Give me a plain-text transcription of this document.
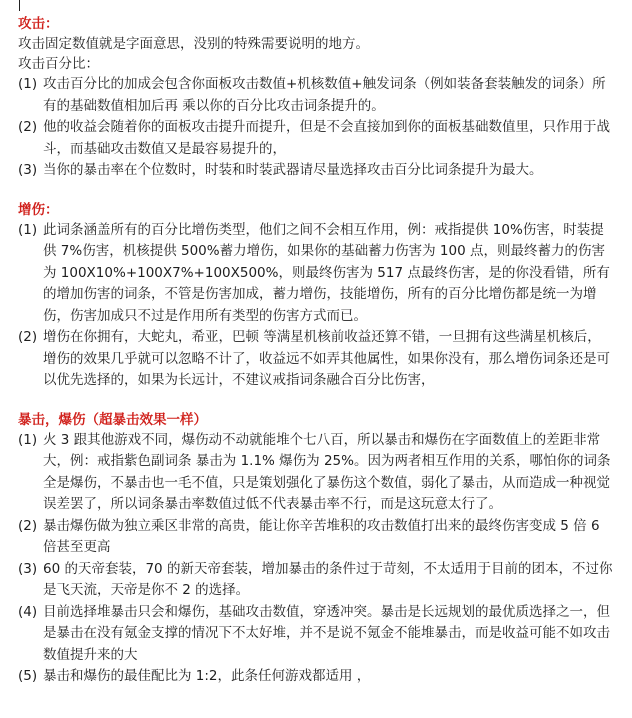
攻击：
攻击固定数值就是字面意思，没别的特殊需要说明的地方。
攻击百分比：
(1) 攻击百分比的加成会包含你面板攻击数值+机核数值+触发词条（例如装备套装触发的词条）所有的基础数值相加后再 乘以你的百分比攻击词条提升的。
(2) 他的收益会随着你的面板攻击提升而提升，但是不会直接加到你的面板基础数值里，只作用于战斗，而基础攻击数值又是最容易提升的，
(3) 当你的暴击率在个位数时，时装和时装武器请尽量选择攻击百分比词条提升为最大。
增伤：
(1) 此词条涵盖所有的百分比增伤类型，他们之间不会相互作用，例：戒指提供 10%伤害，时装提供 7%伤害，机核提供 500%蓄力增伤，如果你的基础蓄力伤害为 100 点，则最终蓄力的伤害为 100X10%+100X7%+100X500%，则最终伤害为 517 点最终伤害，是的你没看错，所有的增加伤害的词条，不管是伤害加成，蓄力增伤，技能增伤，所有的百分比增伤都是统一为增伤，伤害加成只不过是作用所有类型的伤害方式而已。
(2) 增伤在你拥有，大蛇丸，希亚，巴顿 等满星机核前收益还算不错，一旦拥有这些满星机核后，增伤的效果几乎就可以忽略不计了，收益远不如弄其他属性，如果你没有，那么增伤词条还是可以优先选择的，如果为长远计，不建议戒指词条融合百分比伤害，
暴击，爆伤（超暴击效果一样）
(1) 火 3 跟其他游戏不同，爆伤动不动就能堆个七八百，所以暴击和爆伤在字面数值上的差距非常大，例：戒指紫色副词条 暴击为 1.1% 爆伤为 25%。因为两者相互作用的关系，哪怕你的词条全是爆伤，不暴击也一毛不值，只是策划强化了暴伤这个数值，弱化了暴击，从而造成一种视觉误差罢了，所以词条暴击率数值过低不代表暴击率不行，而是这玩意太行了。
(2) 暴击爆伤做为独立乘区非常的高贵，能让你辛苦堆积的攻击数值打出来的最终伤害变成 5 倍 6 倍甚至更高
(3) 60 的天帝套装，70 的新天帝套装，增加暴击的条件过于苛刻，不太适用于目前的团本，不过你是飞天流，天帝是你不 2 的选择。
(4) 目前选择堆暴击只会和爆伤，基础攻击数值，穿透冲突。暴击是长远规划的最优质选择之一，但是暴击在没有氪金支撑的情况下不太好堆，并不是说不氪金不能堆暴击，而是收益可能不如攻击数值提升来的大
(5) 暴击和爆伤的最佳配比为 1:2，此条任何游戏都适用 ，
